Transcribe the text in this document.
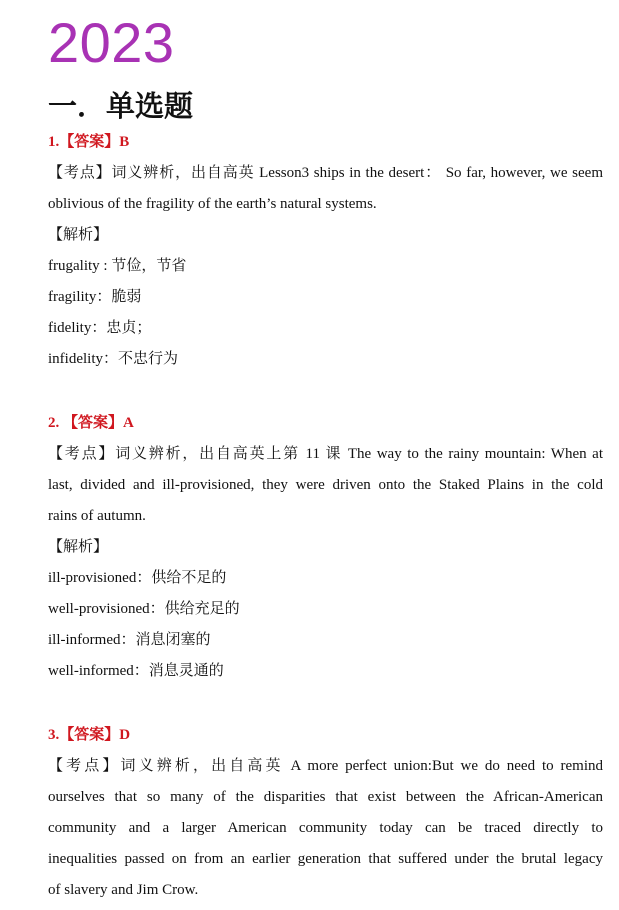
2023
一．单选题
1.【答案】B
【考点】词义辨析，出自高英 Lesson3 ships in the desert： So far, however, we seem
oblivious of the fragility of the earth’s natural systems.
【解析】
frugality : 节俭，节省
fragility：脆弱
fidelity：忠贞；
infidelity：不忠行为
2. 【答案】A
【考点】词义辨析，出自高英上第 11 课 The way to the rainy mountain: When at
last, divided and ill-provisioned, they were driven onto the Staked Plains in the cold
rains of autumn.
【解析】
ill-provisioned：供给不足的
well-provisioned：供给充足的
ill-informed：消息闭塞的
well-informed：消息灵通的
3.【答案】D
【考点】词义辨析，出自高英 A more perfect union:But we do need to remind
ourselves that so many of the disparities that exist between the African-American
community and a larger American community today can be traced directly to
inequalities passed on from an earlier generation that suffered under the brutal legacy
of slavery and Jim Crow.
